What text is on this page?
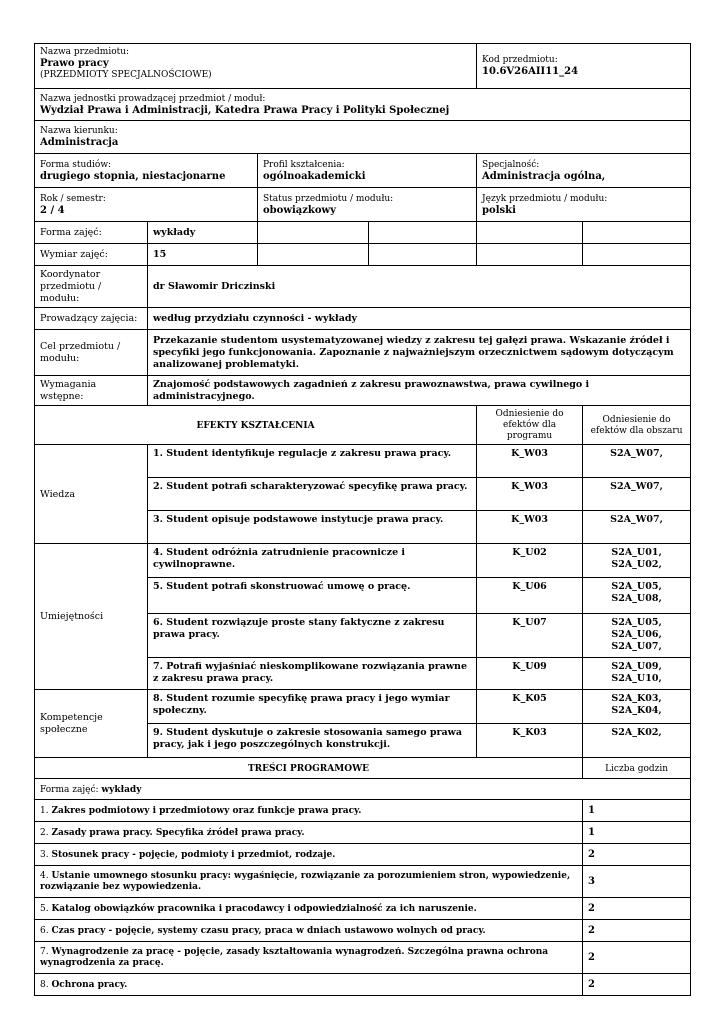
Nazwa przedmiotu:
Prawo pracy
(PRZEDMIOTY SPECJALNOŚCIOWE)				Kod przedmiotu:
10.6V26AII11_24	

Nazwa jednostki prowadzącej przedmiot / moduł:
Wydział Prawa i Administracji, Katedra Prawa Pracy i Polityki Społecznej					

Nazwa kierunku:
Administracja					

Forma studiów:
drugiego stopnia, niestacjonarne		Profil kształcenia:
ogólnoakademicki		Specjalność:
Administracja ogólna,	

Rok / semestr:
2 / 4		Status przedmiotu / modułu:
obowiązkowy		Język przedmiotu / modułu:
polski	

Forma zajęć:	wykłady				
Wymiar zajęć:	15				
Koordynator przedmiotu / modułu:	dr Sławomir Driczinski				
Prowadzący zajęcia:	według przydziału czynności - wykłady				
Cel przedmiotu / modułu:	Przekazanie studentom usystematyzowanej wiedzy z zakresu tej gałęzi prawa. Wskazanie źródeł i specyfiki jego funkcjonowania. Zapoznanie z najważniejszym orzecznictwem sądowym dotyczącym analizowanej problematyki.				
Wymagania wstępne:	Znajomość podstawowych zagadnień z zakresu prawoznawstwa, prawa cywilnego i administracyjnego.				
EFEKTY KSZTAŁCENIA				Odniesienie do efektów dla programu	Odniesienie do efektów dla obszaru
Wiedza	1. Student identyfikuje regulacje z zakresu prawa pracy.			K_W03	S2A_W07,
	2. Student potrafi scharakteryzować specyfikę prawa pracy.			K_W03	S2A_W07,
	3. Student opisuje podstawowe instytucje prawa pracy.			K_W03	S2A_W07,
Umiejętności	4. Student odróżnia zatrudnienie pracownicze i cywilnoprawne.			K_U02	S2A_U01, S2A_U02,
	5. Student potrafi skonstruować umowę o pracę.			K_U06	S2A_U05, S2A_U08,
	6. Student rozwiązuje proste stany faktyczne z zakresu prawa pracy.			K_U07	S2A_U05, S2A_U06, S2A_U07,
	7. Potrafi wyjaśniać nieskomplikowane rozwiązania prawne z zakresu prawa pracy.			K_U09	S2A_U09, S2A_U10,
Kompetencje społeczne	8. Student rozumie specyfikę prawa pracy i jego wymiar społeczny.			K_K05	S2A_K03, S2A_K04,
	9. Student dyskutuje o zakresie stosowania samego prawa pracy, jak i jego poszczególnych konstrukcji.			K_K03	S2A_K02,
TREŚCI PROGRAMOWE					Liczba godzin
Forma zajęć: wykłady					
1. Zakres podmiotowy i przedmiotowy oraz funkcje prawa pracy.					1
2. Zasady prawa pracy. Specyfika źródeł prawa pracy.					1
3. Stosunek pracy - pojęcie, podmioty i przedmiot, rodzaje.					2
4. Ustanie umownego stosunku pracy: wygaśnięcie, rozwiązanie za porozumieniem stron, wypowiedzenie, rozwiązanie bez wypowiedzenia.					3
5. Katalog obowiązków pracownika i pracodawcy i odpowiedzialność za ich naruszenie.					2
6. Czas pracy - pojęcie, systemy czasu pracy, praca w dniach ustawowo wolnych od pracy.					2
7. Wynagrodzenie za pracę - pojęcie, zasady kształtowania wynagrodzeń. Szczególna prawna ochrona wynagrodzenia za pracę.					2
8. Ochrona pracy.					2
